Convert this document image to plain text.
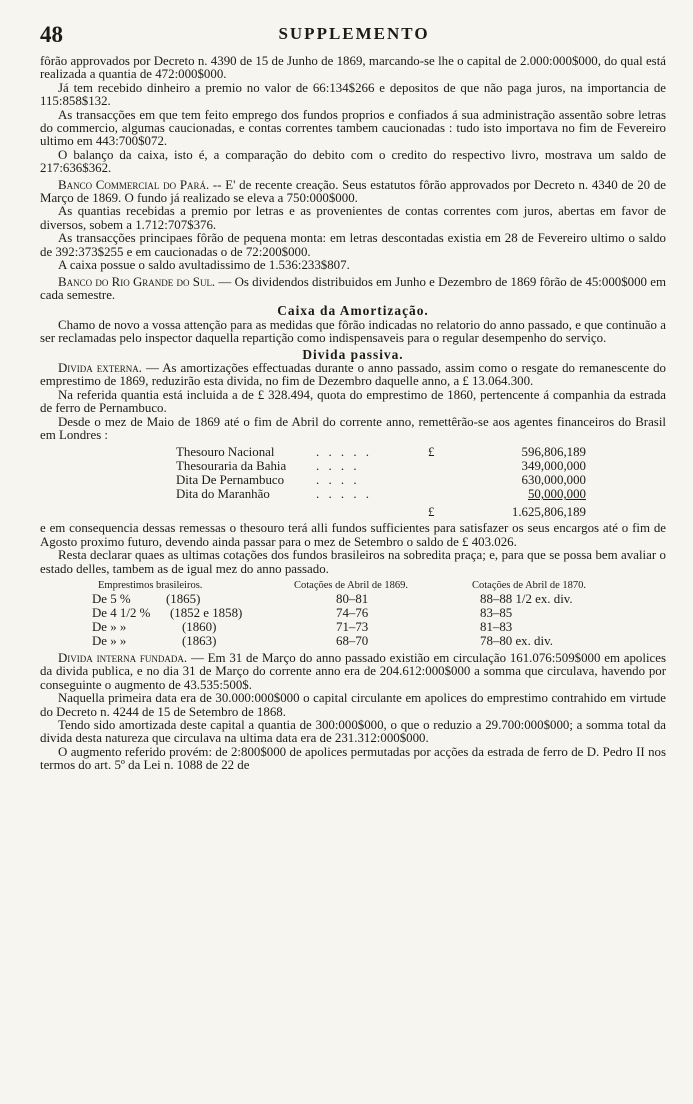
48	SUPPLEMENTO

fôrão approvados por Decreto n. 4390 de 15 de Junho de 1869, marcando-se lhe o capital de 2.000:000$000, do qual está realizada a quantia de 472:000$000.

Já tem recebido dinheiro a premio no valor de 66:134$266 e depositos de que não paga juros, na importancia de 115:858$132.

As transacções em que tem feito emprego dos fundos proprios e confiados á sua administração assentão sobre letras do commercio, algumas caucionadas, e contas correntes tambem caucionadas : tudo isto importava no fim de Fevereiro ultimo em 443:700$072.

O balanço da caixa, isto é, a comparação do debito com o credito do respectivo livro, mostrava um saldo de 217:636$362.

Banco Commercial do Pará. -- E' de recente creação. Seus estatutos fôrão approvados por Decreto n. 4340 de 20 de Março de 1869. O fundo já realizado se eleva a 750:000$000.

As quantias recebidas a premio por letras e as provenientes de contas correntes com juros, abertas em favor de diversos, sobem a 1.712:707$376.

As transacções principaes fôrão de pequena monta: em letras descontadas existia em 28 de Fevereiro ultimo o saldo de 392:373$255 e em caucionadas o de 72:200$000.

A caixa possue o saldo avultadissimo de 1.536:233$807.

Banco do Rio Grande do Sul. — Os dividendos distribuidos em Junho e Dezembro de 1869 fôrão de 45:000$000 em cada semestre.

Caixa da Amortização.

Chamo de novo a vossa attenção para as medidas que fôrão indicadas no relatorio do anno passado, e que continuão a ser reclamadas pelo inspector daquella repartição como indispensaveis para o regular desempenho do serviço.

Divida passiva.

Divida externa. — As amortizações effectuadas durante o anno passado, assim como o resgate do remanescente do emprestimo de 1869, reduzirão esta divida, no fim de Dezembro daquelle anno, a £ 13.064.300.

Na referida quantia está incluida a de £ 328.494, quota do emprestimo de 1860, pertencente á companhia da estrada de ferro de Pernambuco.

Desde o mez de Maio de 1869 até o fim de Abril do corrente anno, remettêrão-se aos agentes financeiros do Brasil em Londres :

Thesouro Nacional	. . . . .	£	596,806,189
Thesouraria da Bahia . . . .	349,000,000
Dita De Pernambuco . . . .	630,000,000
Dita do Maranhão	. . . . .	50,000,000
£	1.625,806,189

e em consequencia dessas remessas o thesouro terá alli fundos sufficientes para satisfazer os seus encargos até o fim de Agosto proximo futuro, devendo ainda passar para o mez de Setembro o saldo de £ 403.026.

Resta declarar quaes as ultimas cotações dos fundos brasileiros na sobredita praça; e, para que se possa bem avaliar o estado delles, tambem as de igual mez do anno passado.

Emprestimos brasileiros.	Cotações de Abril de 1869.	Cotações de Abril de 1870.
De 5 %	(1865)	80–81	88–88 1/2 ex. div.
De 4 1/2 % (1852 e 1858)	74–76	83–85
De » »	(1860)	71–73	81–83
De » »	(1863)	68–70	78–80 ex. div.

Divida interna fundada. — Em 31 de Março do anno passado existião em circulação 161.076:509$000 em apolices da divida publica, e no dia 31 de Março do corrente anno era de 204.612:000$000 a somma que circulava, havendo por conseguinte o augmento de 43.535:500$.

Naquella primeira data era de 30.000:000$000 o capital circulante em apolices do emprestimo contrahido em virtude do Decreto n. 4244 de 15 de Setembro de 1868.

Tendo sido amortizada deste capital a quantia de 300:000$000, o que o reduzio a 29.700:000$000; a somma total da divida desta natureza que circulava na ultima data era de 231.312:000$000.

O augmento referido provém: de 2:800$000 de apolices permutadas por acções da estrada de ferro de D. Pedro II nos termos do art. 5º da Lei n. 1088 de 22 de
